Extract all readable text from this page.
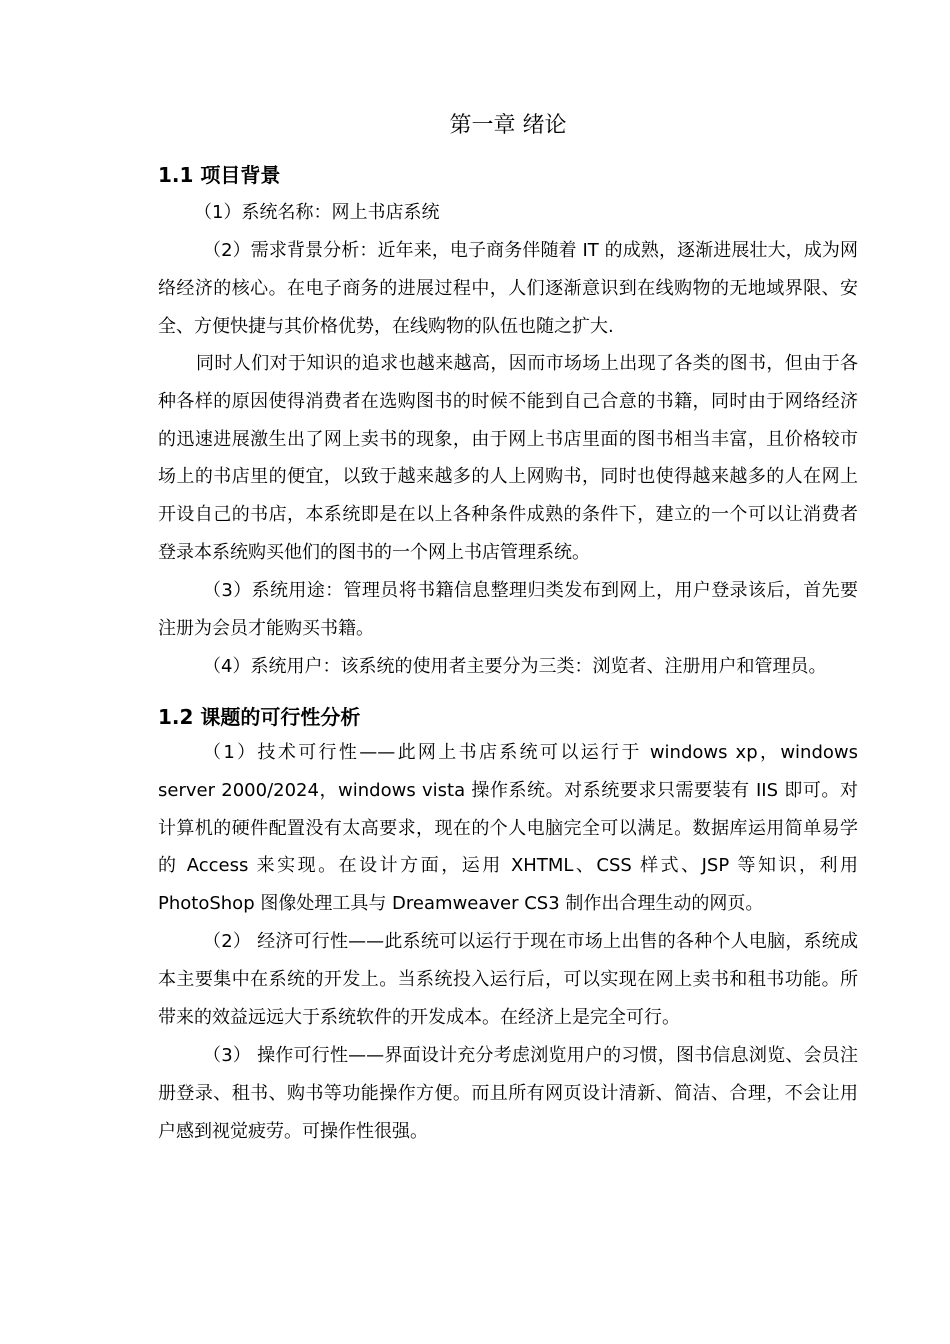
第一章 绪论
1.1 项目背景

（1）系统名称：网上书店系统

（2）需求背景分析：近年来，电子商务伴随着 IT 的成熟，逐渐进展壮大，成为网络经济的核心。在电子商务的进展过程中，人们逐渐意识到在线购物的无地域界限、安全、方便快捷与其价格优势，在线购物的队伍也随之扩大.

同时人们对于知识的追求也越来越高，因而市场场上出现了各类的图书，但由于各种各样的原因使得消费者在选购图书的时候不能到自己合意的书籍，同时由于网络经济的迅速进展激生出了网上卖书的现象，由于网上书店里面的图书相当丰富，且价格较市场上的书店里的便宜，以致于越来越多的人上网购书，同时也使得越来越多的人在网上开设自己的书店，本系统即是在以上各种条件成熟的条件下，建立的一个可以让消费者登录本系统购买他们的图书的一个网上书店管理系统。

（3）系统用途：管理员将书籍信息整理归类发布到网上，用户登录该后，首先要注册为会员才能购买书籍。

（4）系统用户：该系统的使用者主要分为三类：浏览者、注册用户和管理员。

1.2 课题的可行性分析

（1）技术可行性——此网上书店系统可以运行于 windows xp，windows server 2000/2024，windows vista 操作系统。对系统要求只需要装有 IIS 即可。对计算机的硬件配置没有太高要求，现在的个人电脑完全可以满足。数据库运用简单易学的 Access 来实现。在设计方面，运用 XHTML、CSS 样式、JSP 等知识，利用 PhotoShop 图像处理工具与 Dreamweaver CS3 制作出合理生动的网页。

（2） 经济可行性——此系统可以运行于现在市场上出售的各种个人电脑，系统成本主要集中在系统的开发上。当系统投入运行后，可以实现在网上卖书和租书功能。所带来的效益远远大于系统软件的开发成本。在经济上是完全可行。

（3） 操作可行性——界面设计充分考虑浏览用户的习惯，图书信息浏览、会员注册登录、租书、购书等功能操作方便。而且所有网页设计清新、简洁、合理，不会让用户感到视觉疲劳。可操作性很强。
